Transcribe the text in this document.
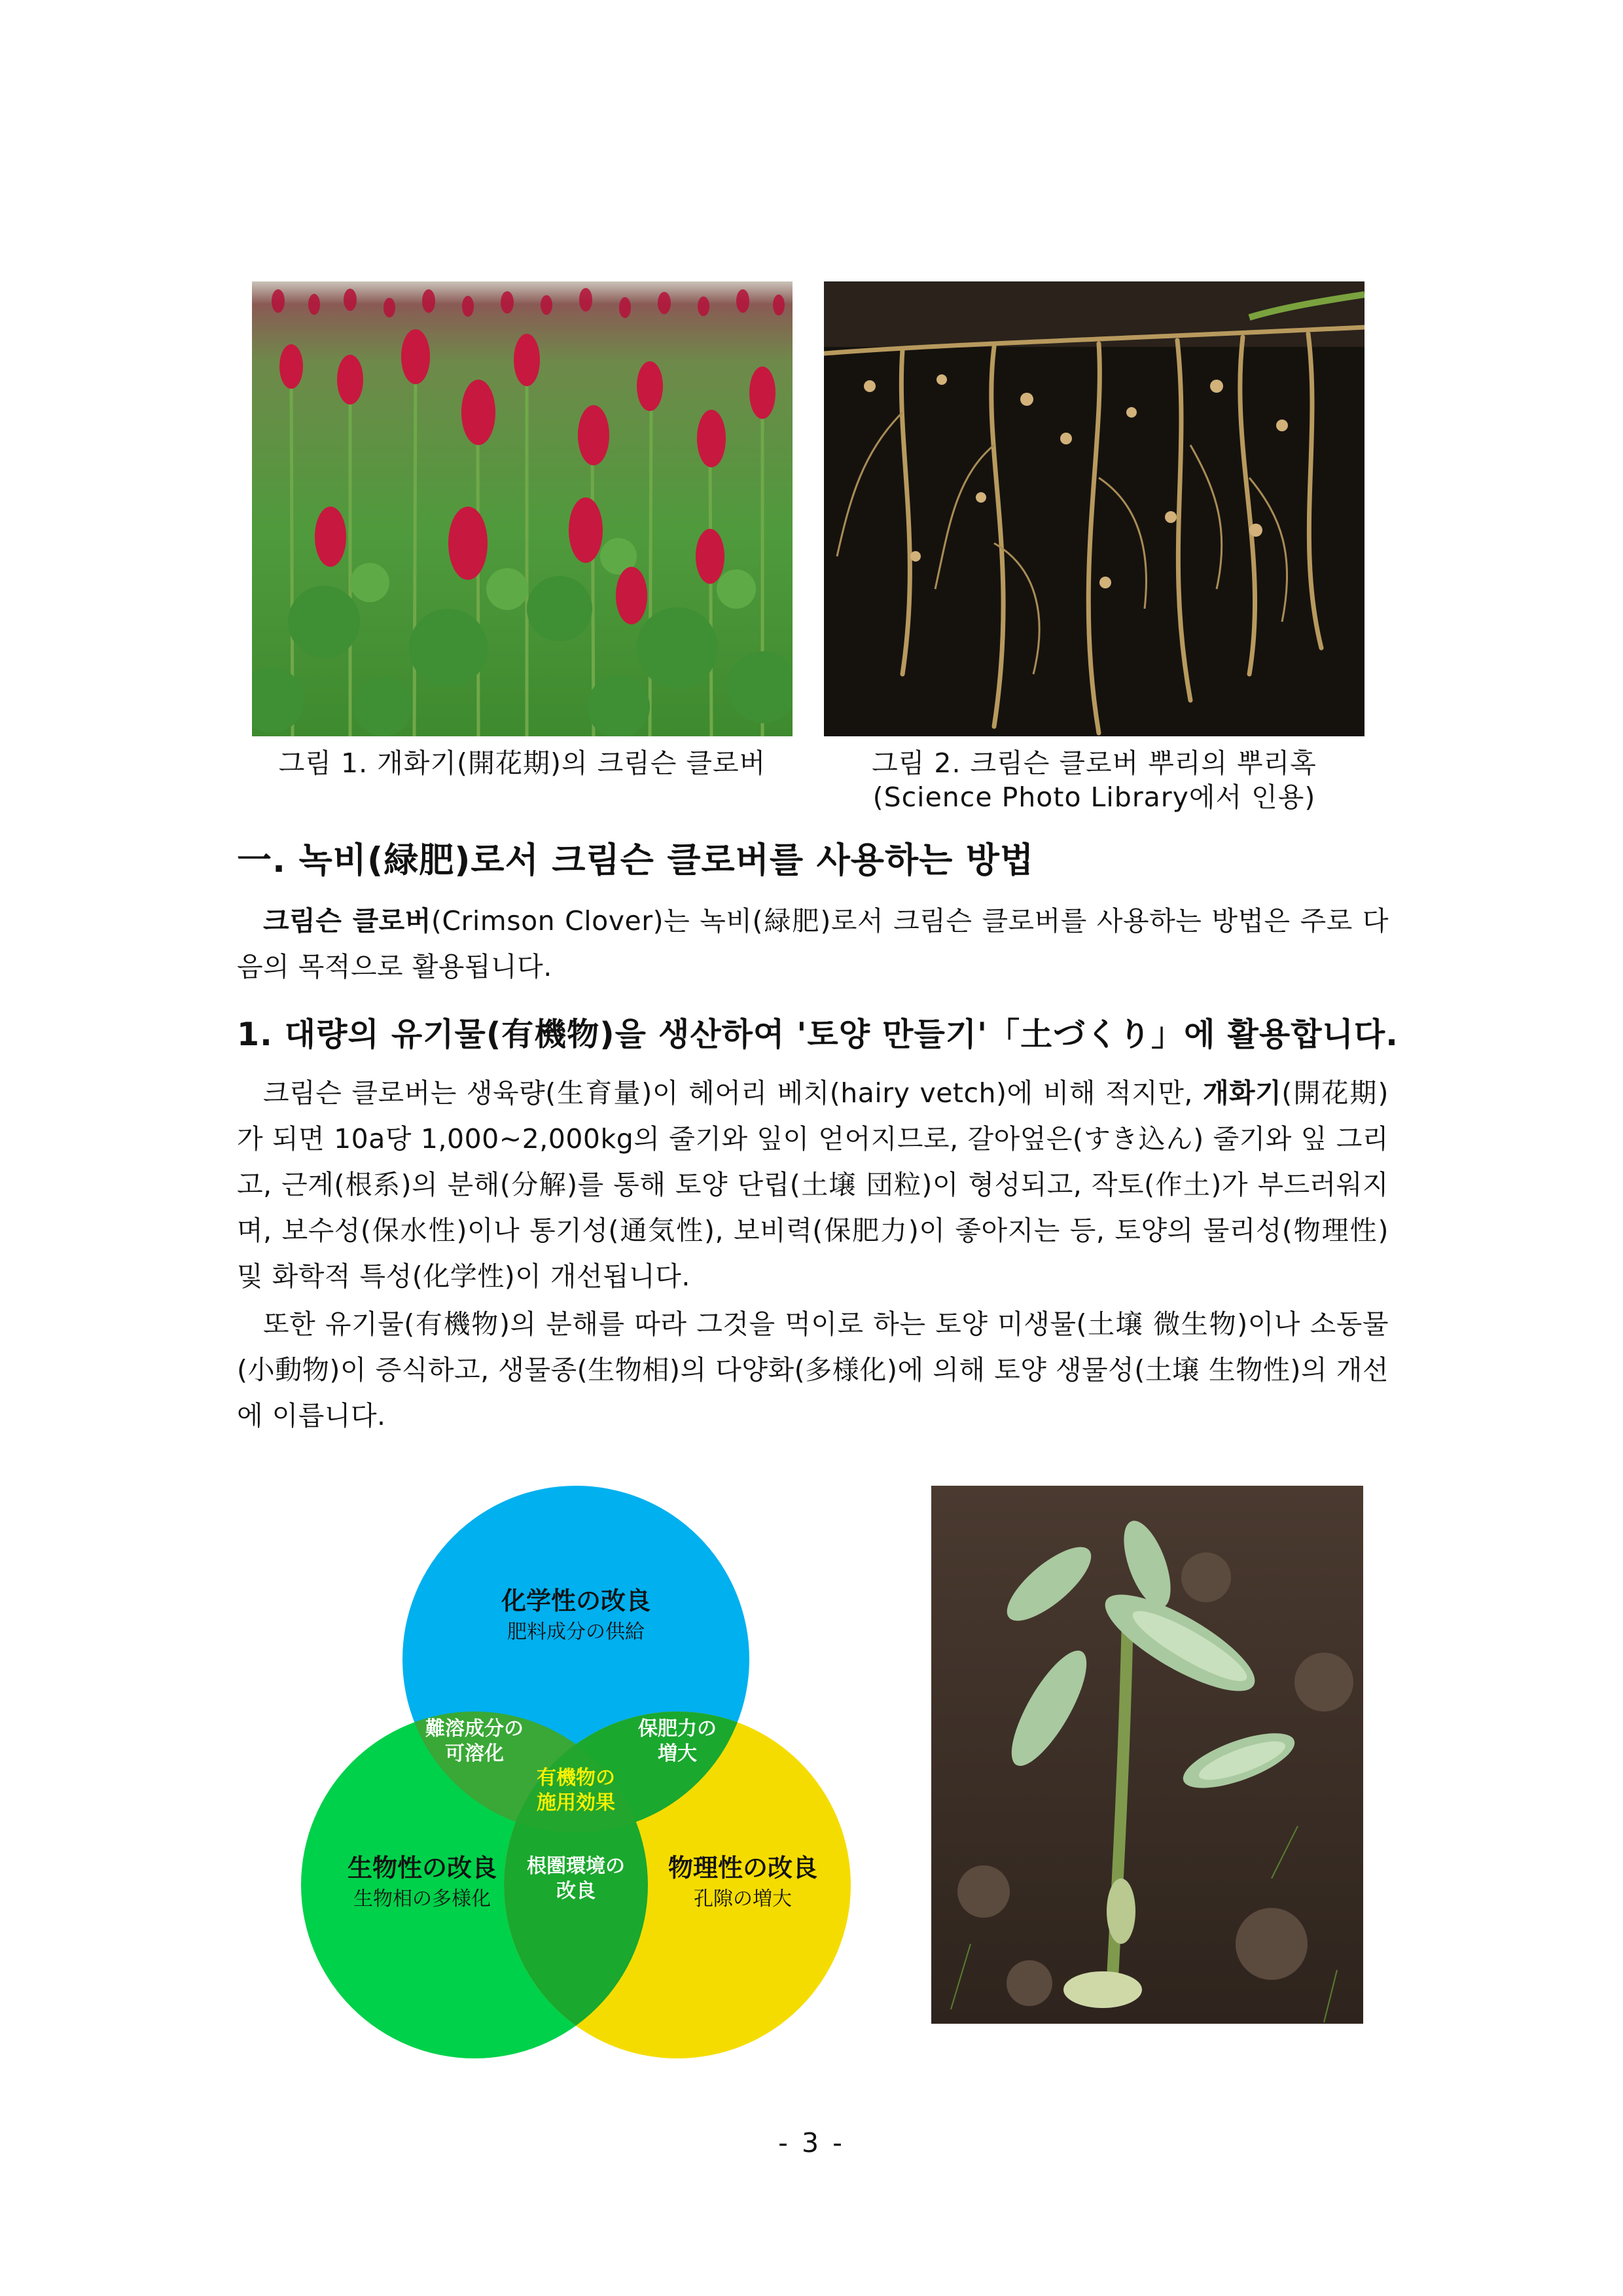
그림 1. 개화기(開花期)의 크림슨 클로버	그림 2. 크림슨 클로버 뿌리의 뿌리혹
(Science Photo Library에서 인용)
一. 녹비(緑肥)로서 크림슨 클로버를 사용하는 방법
크림슨 클로버(Crimson Clover)는 녹비(緑肥)로서 크림슨 클로버를 사용하는 방법은 주로 다음의 목적으로 활용됩니다.
1. 대량의 유기물(有機物)을 생산하여 '토양 만들기'「土づくり」에 활용합니다.
크림슨 클로버는 생육량(生育量)이 헤어리 베치(hairy vetch)에 비해 적지만, 개화기(開花期)가 되면 10a당 1,000~2,000kg의 줄기와 잎이 얻어지므로, 갈아엎은(すき込ん) 줄기와 잎 그리고, 근계(根系)의 분해(分解)를 통해 토양 단립(土壌 団粒)이 형성되고, 작토(作土)가 부드러워지며, 보수성(保水性)이나 통기성(通気性), 보비력(保肥力)이 좋아지는 등, 토양의 물리성(物理性)및 화학적 특성(化学性)이 개선됩니다.
또한 유기물(有機物)의 분해를 따라 그것을 먹이로 하는 토양 미생물(土壌 微生物)이나 소동물(小動物)이 증식하고, 생물종(生物相)의 다양화(多様化)에 의해 토양 생물성(土壌 生物性)의 개선에 이릅니다.
化学性の改良
肥料成分の供給
生物性の改良
生物相の多様化
物理性の改良
孔隙の増大
難溶成分の
可溶化
保肥力の
増大
有機物の
施用効果
根圏環境の
改良
- 3 -
